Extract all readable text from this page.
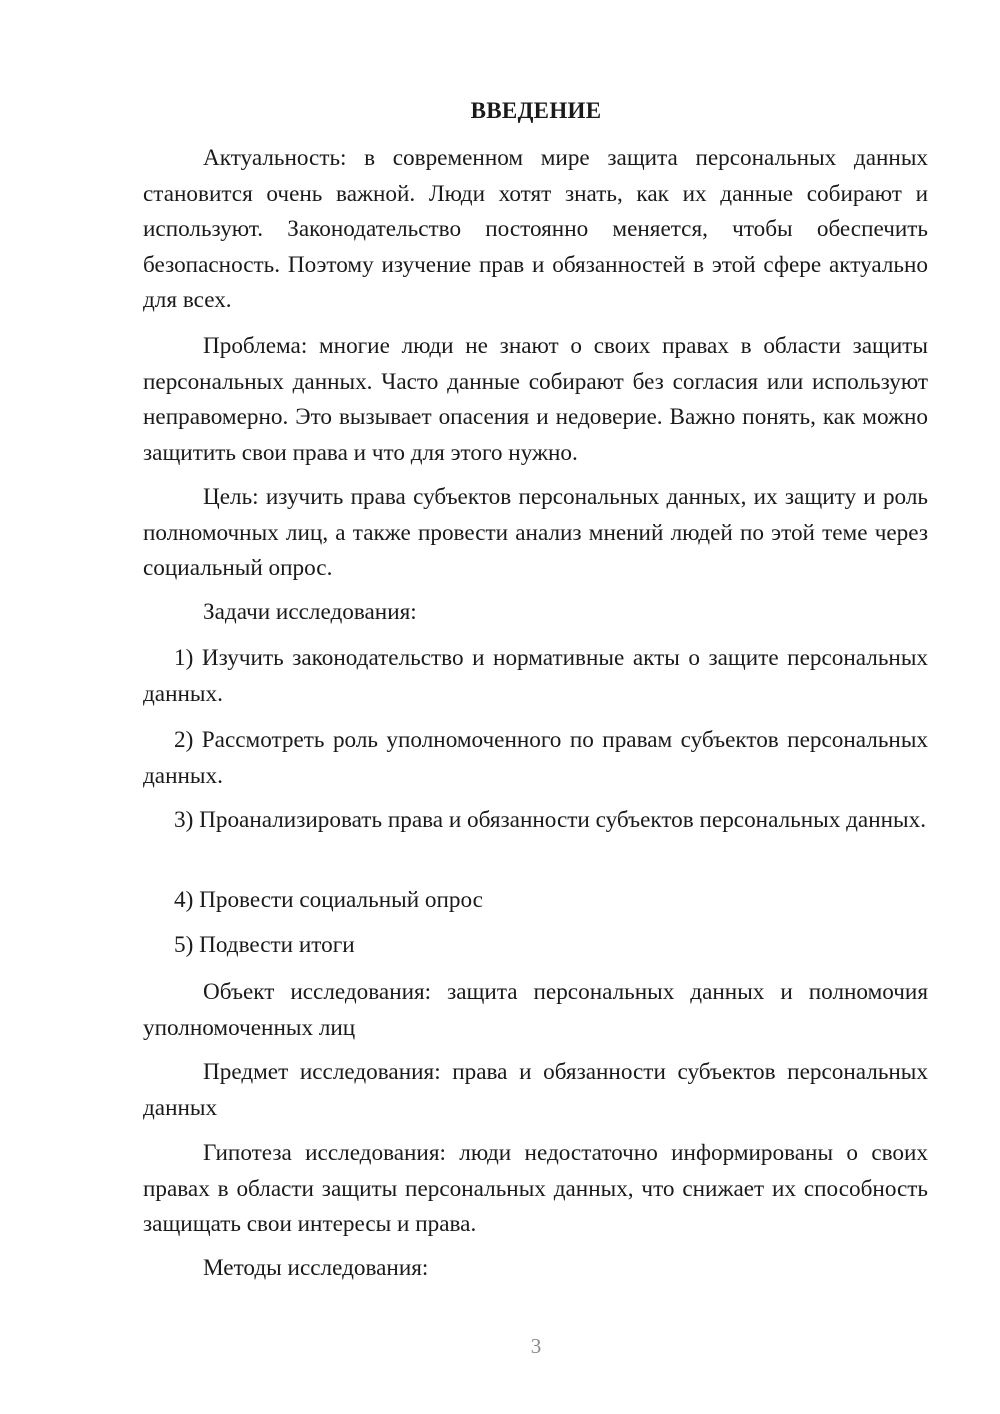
ВВЕДЕНИЕ

Актуальность: в современном мире защита персональных данных становится очень важной. Люди хотят знать, как их данные собирают и используют. Законодательство постоянно меняется, чтобы обеспечить безопасность. Поэтому изучение прав и обязанностей в этой сфере актуально для всех.

Проблема: многие люди не знают о своих правах в области защиты персональных данных. Часто данные собирают без согласия или используют неправомерно. Это вызывает опасения и недоверие. Важно понять, как можно защитить свои права и что для этого нужно.

Цель: изучить права субъектов персональных данных, их защиту и роль полномочных лиц, а также провести анализ мнений людей по этой теме через социальный опрос.

Задачи исследования:

1) Изучить законодательство и нормативные акты о защите персональных данных.

2) Рассмотреть роль уполномоченного по правам субъектов персональных данных.

3) Проанализировать права и обязанности субъектов персональных данных.

4) Провести социальный опрос

5) Подвести итоги

Объект исследования: защита персональных данных и полномочия уполномоченных лиц

Предмет исследования: права и обязанности субъектов персональных данных

Гипотеза исследования: люди недостаточно информированы о своих правах в области защиты персональных данных, что снижает их способность защищать свои интересы и права.

Методы исследования:

3
